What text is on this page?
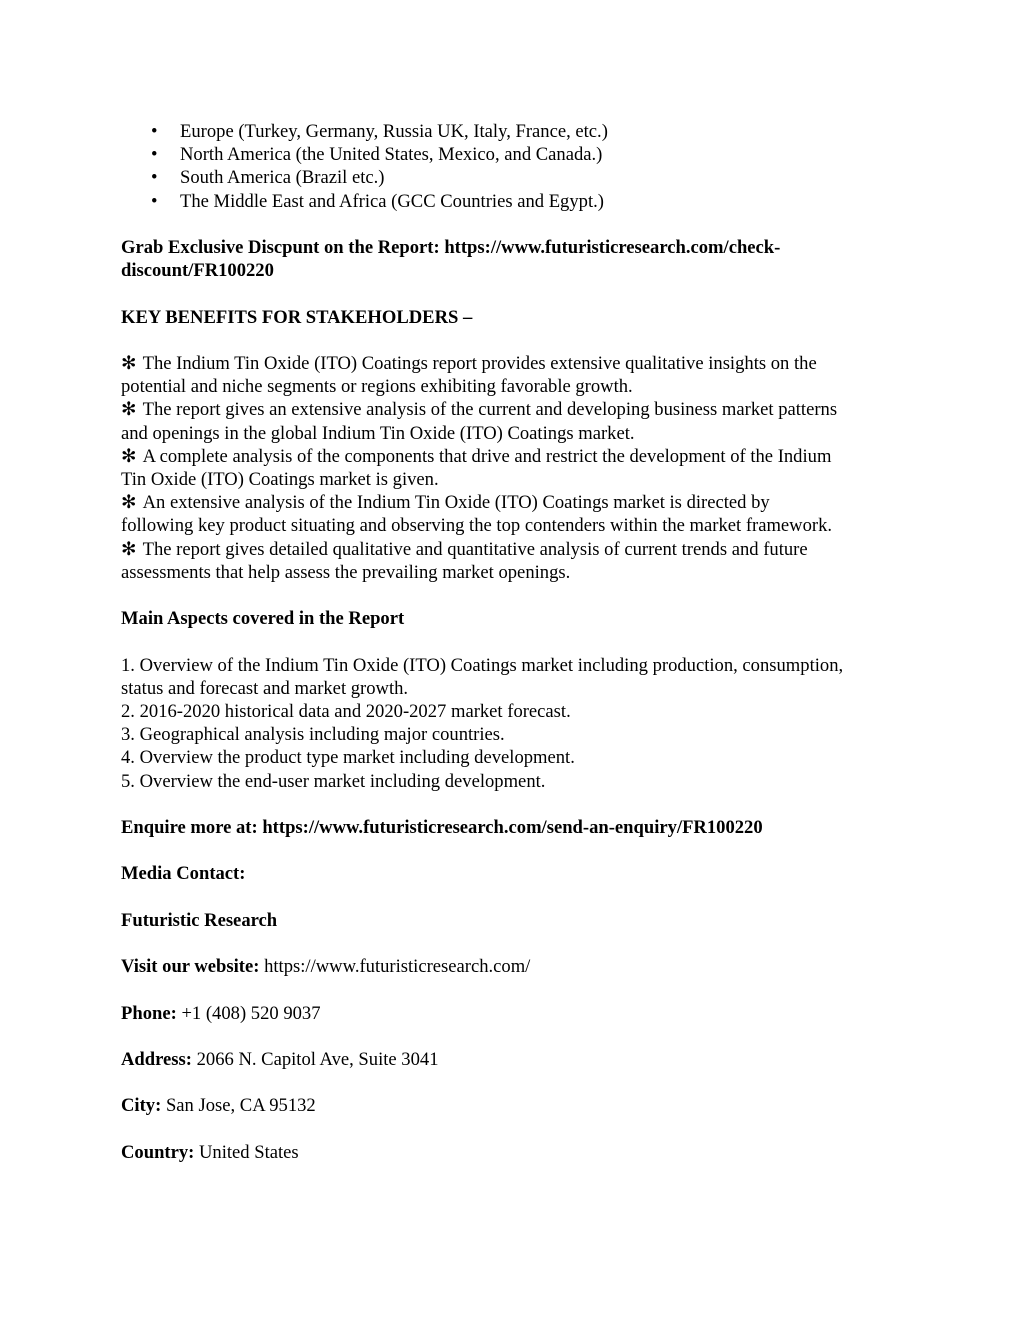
• Europe (Turkey, Germany, Russia UK, Italy, France, etc.)
• North America (the United States, Mexico, and Canada.)
• South America (Brazil etc.)
• The Middle East and Africa (GCC Countries and Egypt.)

Grab Exclusive Discpunt on the Report: https://www.futuristicresearch.com/check-
discount/FR100220

KEY BENEFITS FOR STAKEHOLDERS –

✻ The Indium Tin Oxide (ITO) Coatings report provides extensive qualitative insights on the
potential and niche segments or regions exhibiting favorable growth.

✻ The report gives an extensive analysis of the current and developing business market patterns
and openings in the global Indium Tin Oxide (ITO) Coatings market.

✻ A complete analysis of the components that drive and restrict the development of the Indium
Tin Oxide (ITO) Coatings market is given.

✻ An extensive analysis of the Indium Tin Oxide (ITO) Coatings market is directed by
following key product situating and observing the top contenders within the market framework.

✻ The report gives detailed qualitative and quantitative analysis of current trends and future
assessments that help assess the prevailing market openings.

Main Aspects covered in the Report

1. Overview of the Indium Tin Oxide (ITO) Coatings market including production, consumption,

status and forecast and market growth.

2. 2016-2020 historical data and 2020-2027 market forecast.

3. Geographical analysis including major countries.

4. Overview the product type market including development.

5. Overview the end-user market including development.

Enquire more at: https://www.futuristicresearch.com/send-an-enquiry/FR100220

Media Contact:

Futuristic Research

Visit our website: https://www.futuristicresearch.com/

Phone: +1 (408) 520 9037

Address: 2066 N. Capitol Ave, Suite 3041

City: San Jose, CA 95132

Country: United States
